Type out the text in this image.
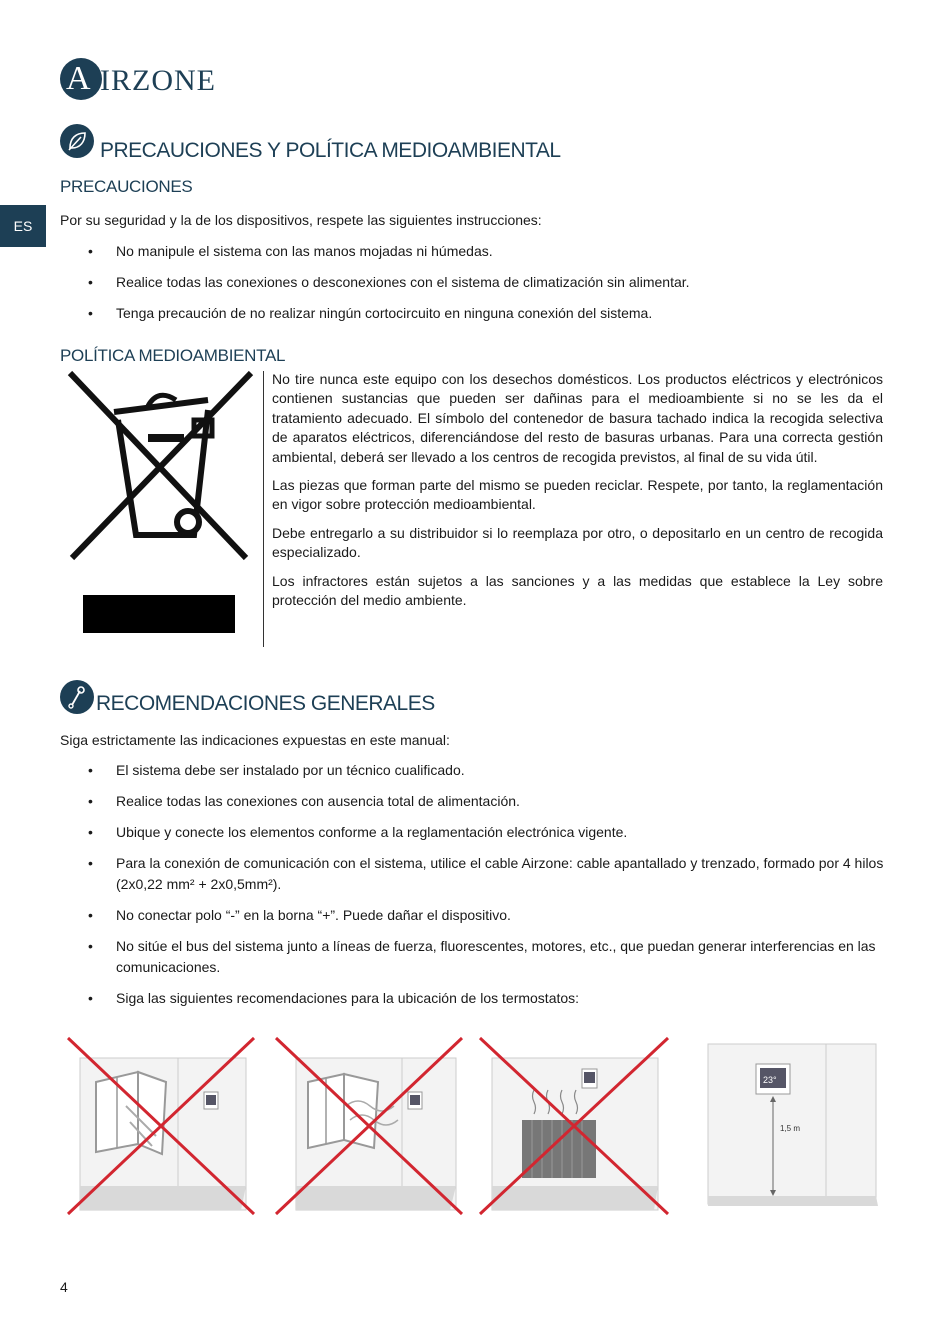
A IRZONE
ES
PRECAUCIONES Y POLÍTICA MEDIOAMBIENTAL
PRECAUCIONES
Por su seguridad y la de los dispositivos, respete las siguientes instrucciones:
• No manipule el sistema con las manos mojadas ni húmedas.
• Realice todas las conexiones o desconexiones con el sistema de climatización sin alimentar.
• Tenga precaución de no realizar ningún cortocircuito en ninguna conexión del sistema.
POLÍTICA MEDIOAMBIENTAL

No tire nunca este equipo con los desechos domésticos. Los productos eléctricos y electrónicos contienen sustancias que pueden ser dañinas para el medioambiente si no se les da el tratamiento adecuado. El símbolo del contenedor de basura tachado indica la recogida selectiva de aparatos eléctricos, diferenciándose del resto de basuras urbanas. Para una correcta gestión ambiental, deberá ser llevado a los centros de recogida previstos, al final de su vida útil.

Las piezas que forman parte del mismo se pueden reciclar. Respete, por tanto, la reglamentación en vigor sobre protección medioambiental.

Debe entregarlo a su distribuidor si lo reemplaza por otro, o depositarlo en un centro de recogida especializado.

Los infractores están sujetos a las sanciones y a las medidas que establece la Ley sobre protección del medio ambiente.

RECOMENDACIONES GENERALES
Siga estrictamente las indicaciones expuestas en este manual:
• El sistema debe ser instalado por un técnico cualificado.
• Realice todas las conexiones con ausencia total de alimentación.
• Ubique y conecte los elementos conforme a la reglamentación electrónica vigente.
• Para la conexión de comunicación con el sistema, utilice el cable Airzone: cable apantallado y trenzado, formado por 4 hilos (2x0,22 mm² + 2x0,5mm²).
• No conectar polo “-” en la borna “+”. Puede dañar el dispositivo.
• No sitúe el bus del sistema junto a líneas de fuerza, fluorescentes, motores, etc., que puedan generar interferencias en las comunicaciones.
• Siga las siguientes recomendaciones para la ubicación de los termostatos:
23°
1,5 m
4
